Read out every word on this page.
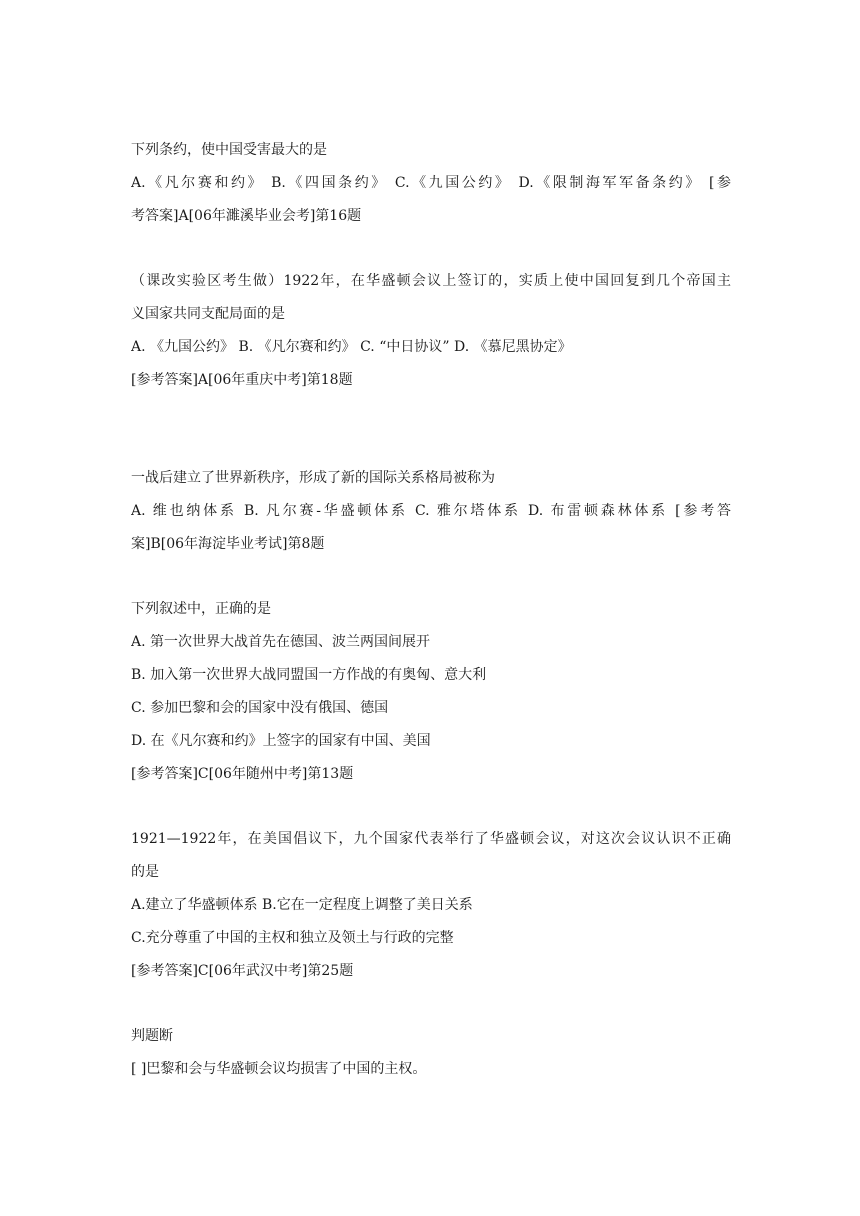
下列条约，使中国受害最大的是

A.《凡尔赛和约》 B.《四国条约》 C.《九国公约》 D.《限制海军军备条约》 [参

考答案]A[06年濉溪毕业会考]第16题

（课改实验区考生做）1922年，在华盛顿会议上签订的，实质上使中国回复到几个帝国主

义国家共同支配局面的是

A. 《九国公约》 B. 《凡尔赛和约》 C. “中日协议” D. 《慕尼黑协定》

[参考答案]A[06年重庆中考]第18题

一战后建立了世界新秩序，形成了新的国际关系格局被称为

A. 维也纳体系 B. 凡尔赛-华盛顿体系 C. 雅尔塔体系 D. 布雷顿森林体系 [参考答

案]B[06年海淀毕业考试]第8题

下列叙述中，正确的是

A. 第一次世界大战首先在德国、波兰两国间展开

B. 加入第一次世界大战同盟国一方作战的有奥匈、意大利

C. 参加巴黎和会的国家中没有俄国、德国

D. 在《凡尔赛和约》上签字的国家有中国、美国

[参考答案]C[06年随州中考]第13题

1921—1922年，在美国倡议下，九个国家代表举行了华盛顿会议，对这次会议认识不正确

的是

A.建立了华盛顿体系 B.它在一定程度上调整了美日关系

C.充分尊重了中国的主权和独立及领土与行政的完整

[参考答案]C[06年武汉中考]第25题

判题断

[ ]巴黎和会与华盛顿会议均损害了中国的主权。
